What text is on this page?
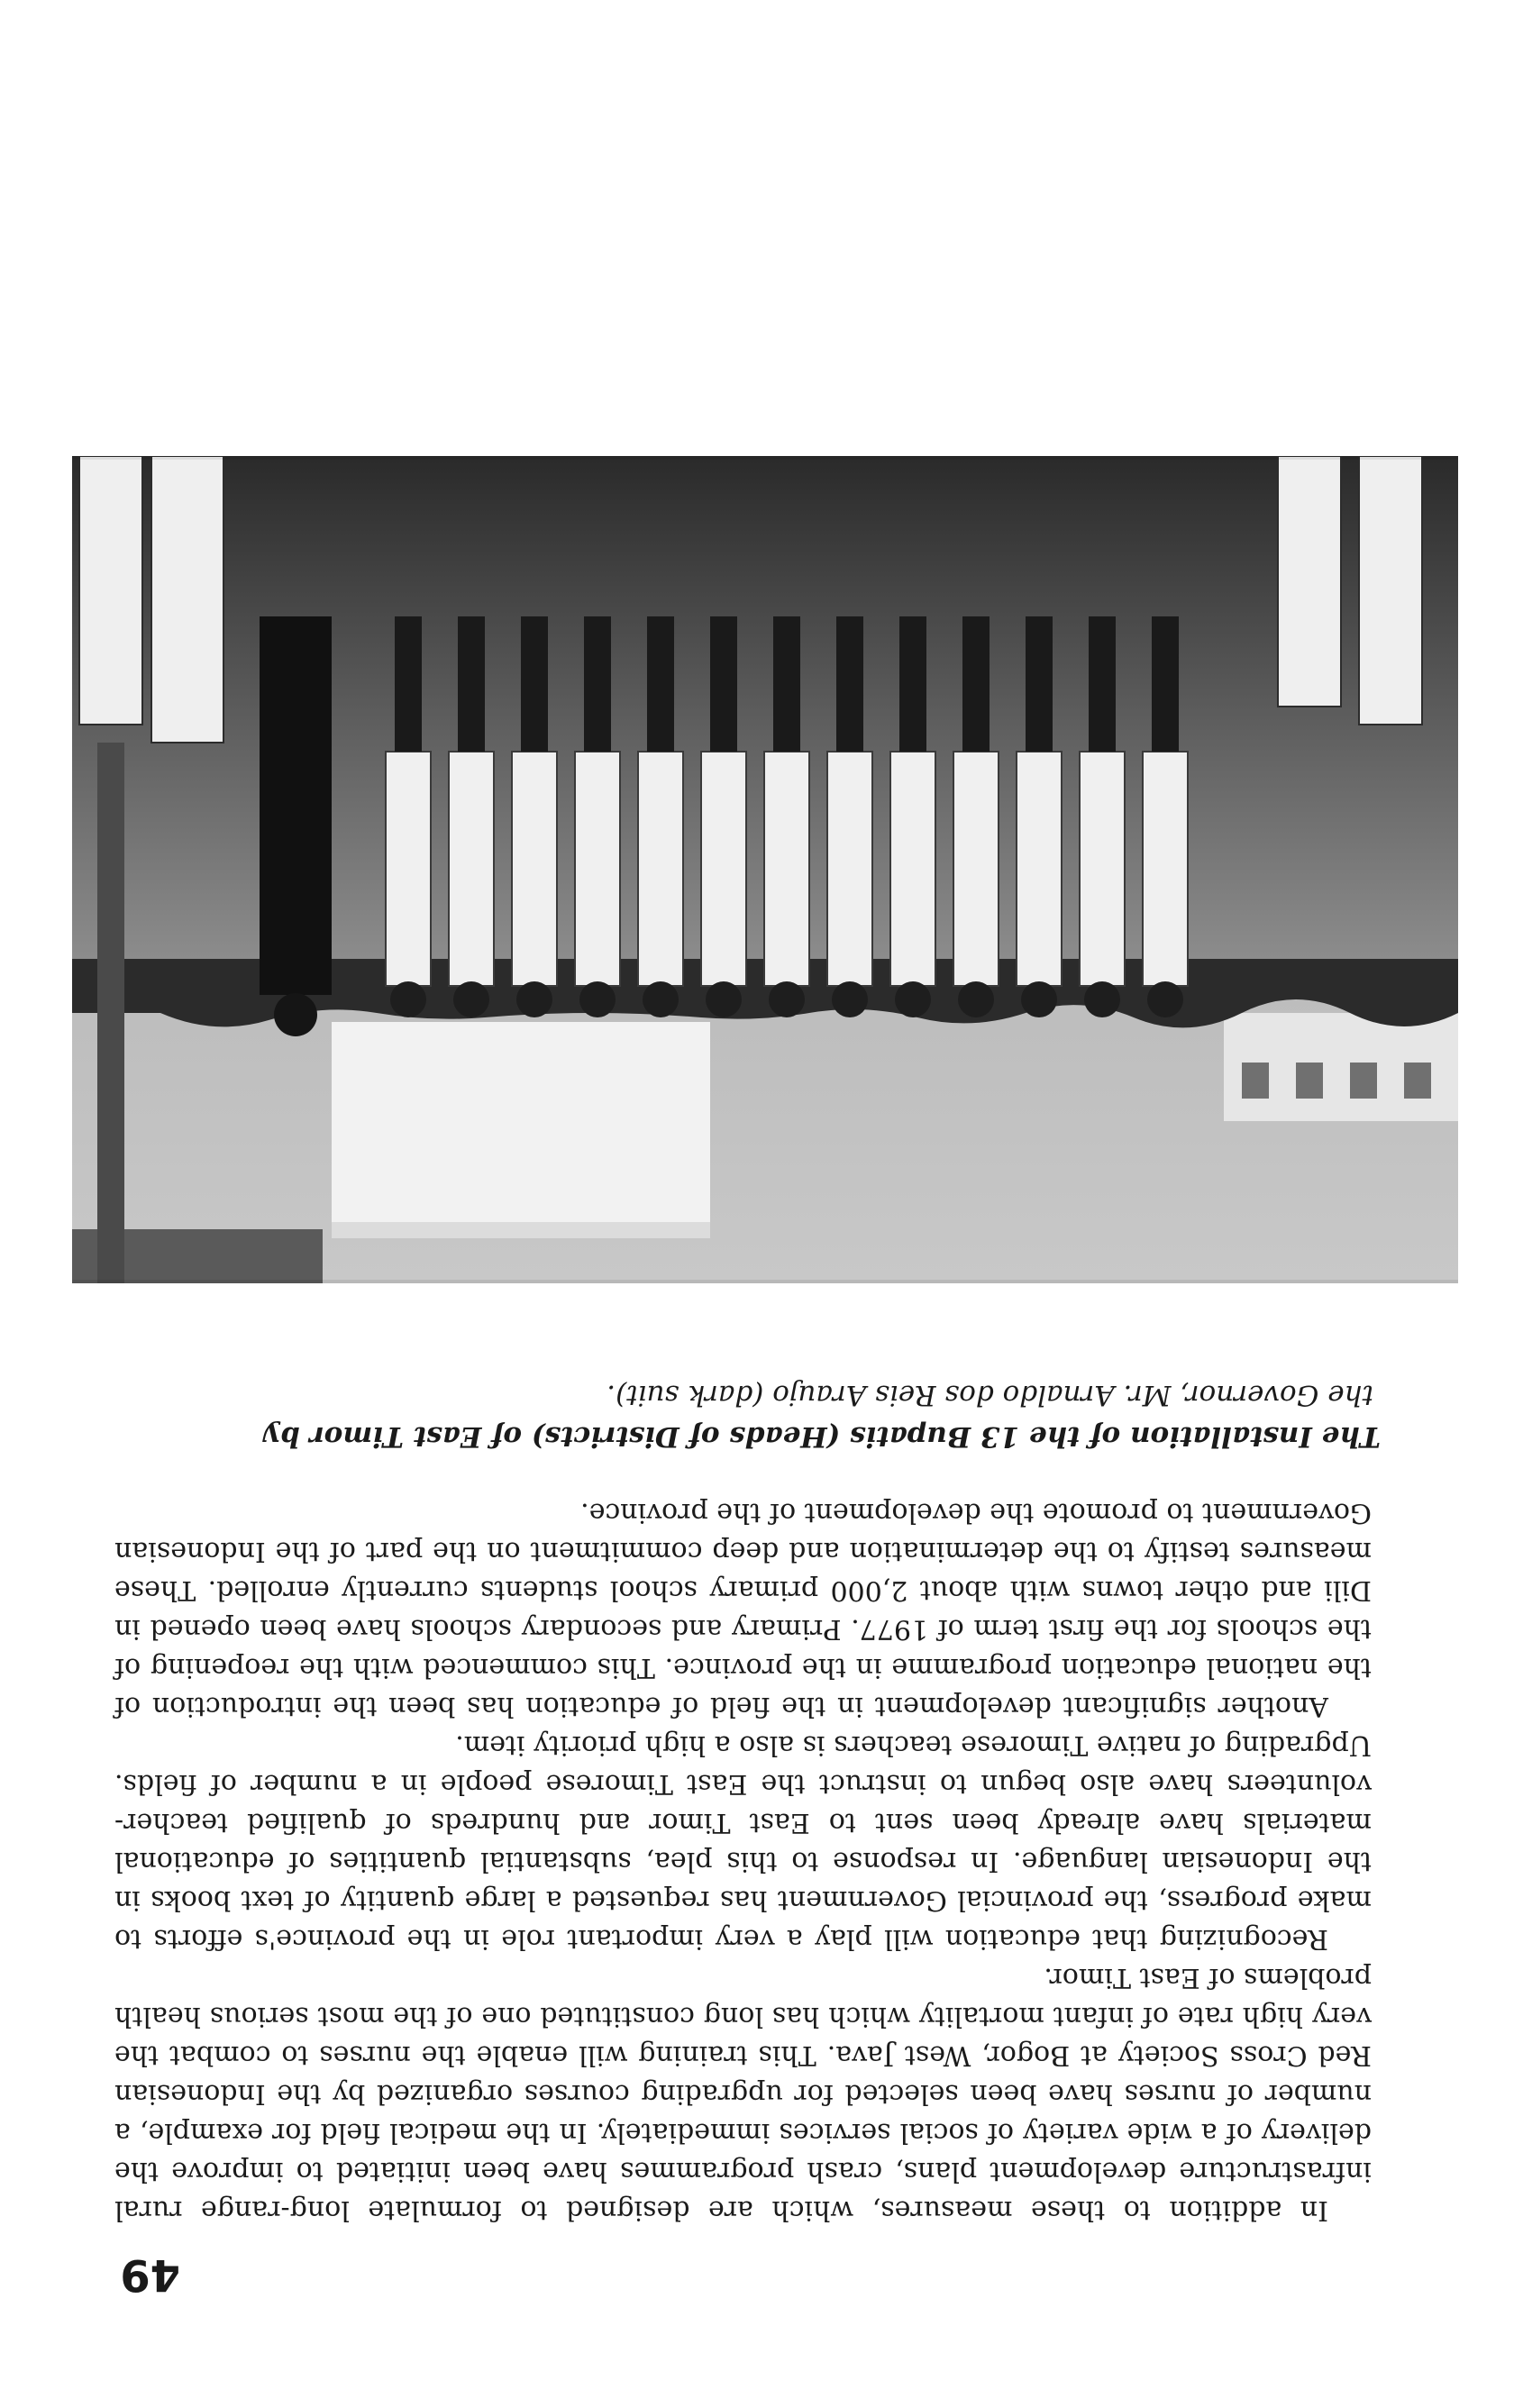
The Installation of the 13 Bupatis (Heads of Districts) of East Timor by
the Governor, Mr. Arnaldo dos Reis Araujo (dark suit).

In addition to these measures, which are designed to formulate long-range rural infrastructure development plans, crash programmes have been initiated to improve the delivery of a wide variety of social services immediately. In the medical field for example, a number of nurses have been selected for upgrading courses organized by the Indonesian Red Cross Society at Bogor, West Java. This training will enable the nurses to combat the very high rate of infant mortality which has long constituted one of the most serious health problems of East Timor.

Recognizing that education will play a very important role in the province's efforts to make progress, the provincial Government has requested a large quantity of text books in the Indonesian language. In response to this plea, substantial quantities of educational materials have already been sent to East Timor and hundreds of qualified teacher-volunteers have also begun to instruct the East Timorese people in a number of fields. Upgrading of native Timorese teachers is also a high priority item.

Another significant development in the field of education has been the introduction of the national education programme in the province. This commenced with the reopening of the schools for the first term of 1977. Primary and secondary schools have been opened in Dili and other towns with about 2,000 primary school students currently enrolled. These measures testify to the determination and deep commitment on the part of the Indonesian Government to promote the development of the province.

49
